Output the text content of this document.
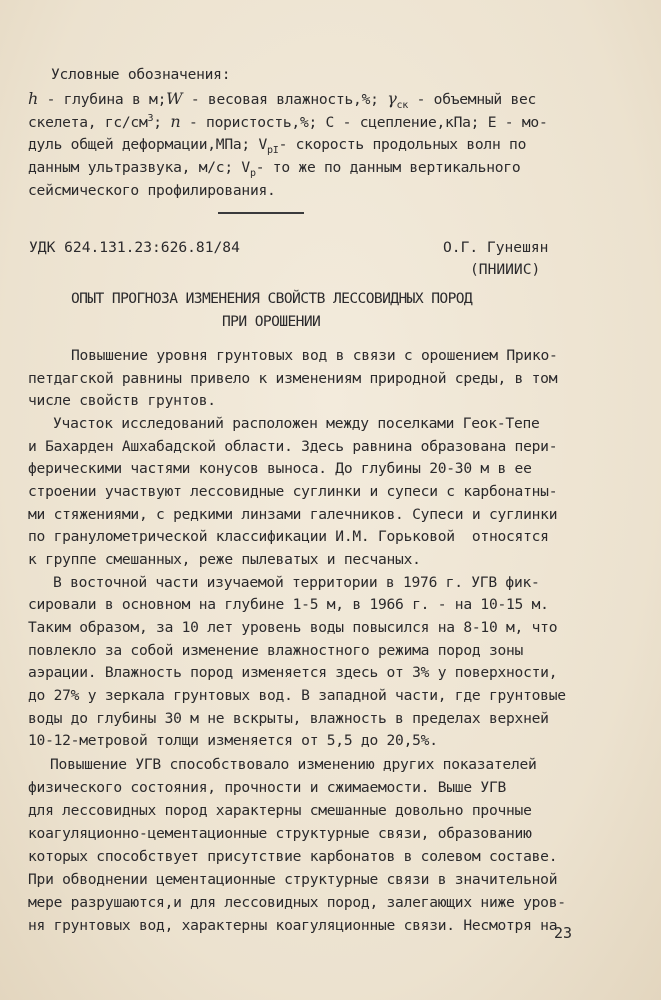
Условные обозначения:
h - глубина в м;W - весовая влажность,%; $\gamma_{ск}$ - объемный вес
скелета, $гс/см^3$; n - пористость,%; С - сцепление,кПа; Е - мо-
дуль общей деформации,МПа; $V_{pI}-$ скорость продольных волн по
данным ультразвука, м/с; $V_p-$ то же по данным вертикального
сейсмического профилирования.
УДК 624.131.23:626.81/84	О.Г. Гунешян
(ПНИИИС)
ОПЫТ ПРОГНОЗА ИЗМЕНЕНИЯ СВОЙСТВ ЛЕССОВИДНЫХ ПОРОД
ПРИ ОРОШЕНИИ
Повышение уровня грунтовых вод в связи с орошением Прико-
петдагской равнины привело к изменениям природной среды, в том
числе свойств грунтов.
Участок исследований расположен между поселками Геок-Тепе
и Бахарден Ашхабадской области. Здесь равнина образована пери-
ферическими частями конусов выноса. До глубины 20-30 м в ее
строении участвуют лессовидные суглинки и супеси с карбонатны-
ми стяжениями, с редкими линзами галечников. Супеси и суглинки
по гранулометрической классификации И.М. Горьковой  относятся
к группе смешанных, реже пылеватых и песчаных.
В восточной части изучаемой территории в 1976 г. УГВ фик-
сировали в основном на глубине 1-5 м, в 1966 г. - на 10-15 м.
Таким образом, за 10 лет уровень воды повысился на 8-10 м, что
повлекло за собой изменение влажностного режима пород зоны
аэрации. Влажность пород изменяется здесь от 3% у поверхности,
до 27% у зеркала грунтовых вод. В западной части, где грунтовые
воды до глубины 30 м не вскрыты, влажность в пределах верхней
10-12-метровой толщи изменяется от 5,5 до 20,5%.
Повышение УГВ способствовало изменению других показателей
физического состояния, прочности и сжимаемости. Выше УГВ
для лессовидных пород характерны смешанные довольно прочные
коагуляционно-цементационные структурные связи, образованию
которых способствует присутствие карбонатов в солевом составе.
При обводнении цементационные структурные связи в значительной
мере разрушаются,и для лессовидных пород, залегающих ниже уров-
ня грунтовых вод, характерны коагуляционные связи. Несмотря на
23
